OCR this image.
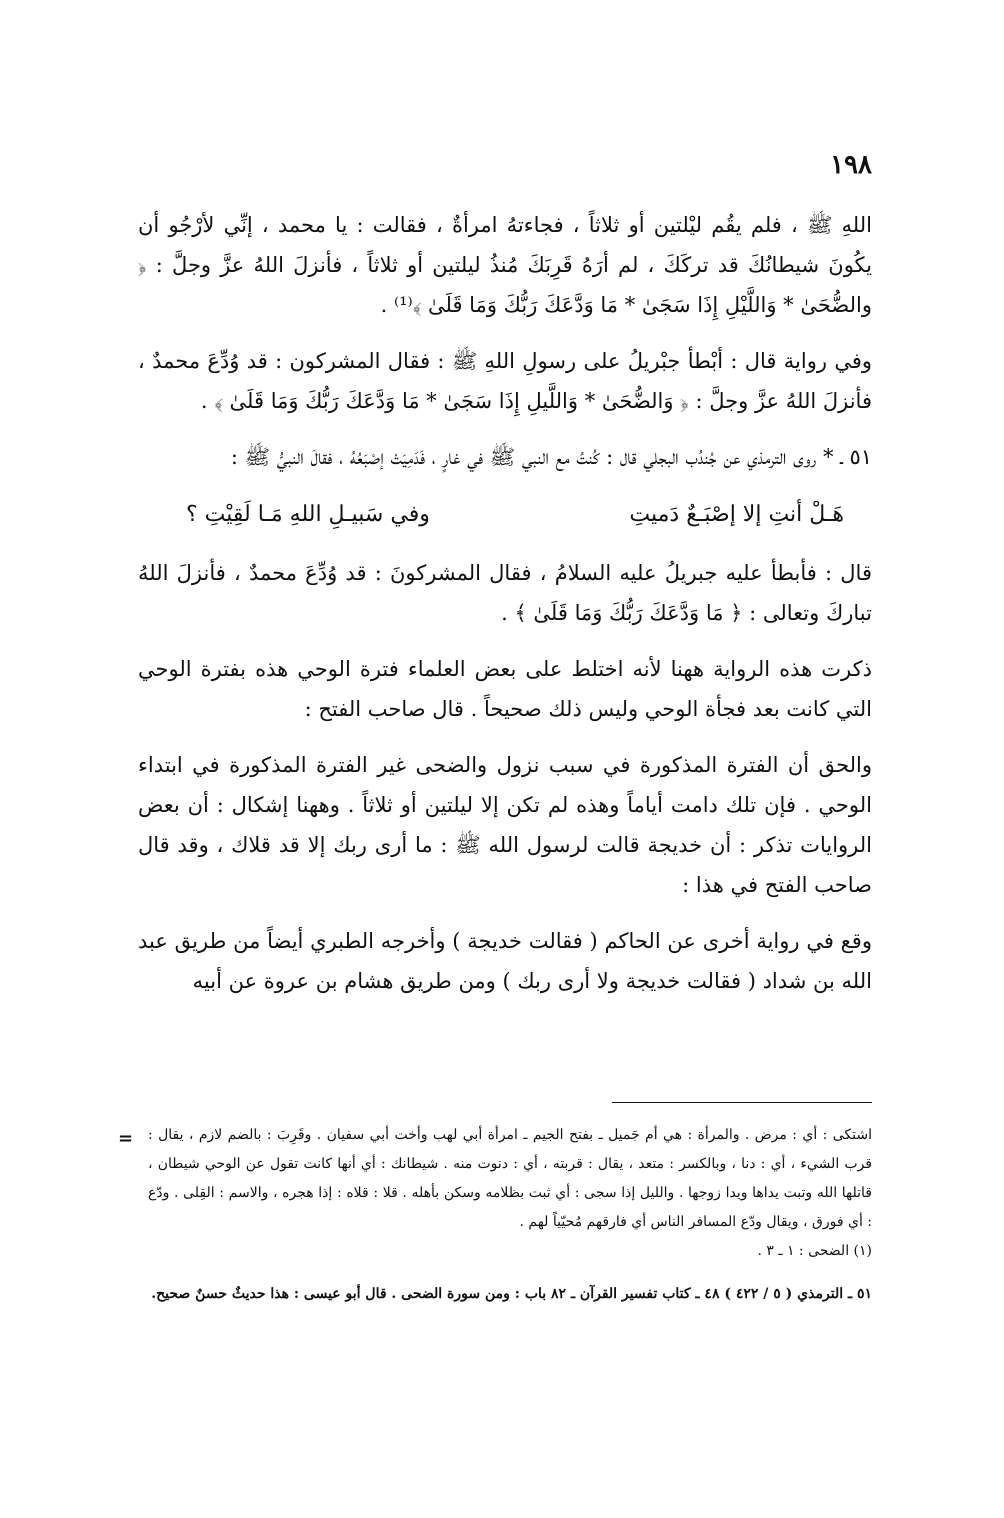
١٩٨

اللهِ ﷺ ، فلم يقُم ليْلتين أو ثلاثاً ، فجاءتهُ امرأةٌ ، فقالت : يا محمد ، إنِّي لأرْجُو أن يكُونَ شيطانُكَ قد تركَكَ ، لم أرَهُ قَرِبَكَ مُنذُ ليلتين أو ثلاثاً ، فأنزلَ اللهُ عزَّ وجلَّ : ﴿ والضُّحَىٰ * وَاللَّيْلِ إِذَا سَجَىٰ * مَا وَدَّعَكَ رَبُّكَ وَمَا قَلَىٰ ﴾⁽¹⁾ .

وفي رواية قال : أبْطأ جبْريلُ على رسولِ اللهِ ﷺ : فقال المشركون : قد وُدِّعَ محمدٌ ، فأنزلَ اللهُ عزَّ وجلَّ : ﴿ وَالضُّحَىٰ * وَاللَّيلِ إِذَا سَجَىٰ * مَا وَدَّعَكَ رَبُّكَ وَمَا قَلَىٰ ﴾ .

٥١ ـ * روى الترمذي عن جُندُب البجلي قال : كُنتُ مع النبي ﷺ في غارٍ ، فَدَمِيَتْ إصْبَعُهُ ، فقالَ النبيُّ ﷺ :

هَـلْ أنتِ إلا إصْبَـعٌ دَميتِ
وفي سَبيـلِ اللهِ مَـا لَقِيْتِ ؟

قال : فأبطأ عليه جبريلُ عليه السلامُ ، فقال المشركونَ : قد وُدِّعَ محمدٌ ، فأنزلَ اللهُ تباركَ وتعالى : ﴿ مَا وَدَّعَكَ رَبُّكَ وَمَا قَلَىٰ ﴾ .

ذكرت هذه الرواية ههنا لأنه اختلط على بعض العلماء فترة الوحي هذه بفترة الوحي التي كانت بعد فجأة الوحي وليس ذلك صحيحاً . قال صاحب الفتح :

والحق أن الفترة المذكورة في سبب نزول والضحى غير الفترة المذكورة في ابتداء الوحي . فإن تلك دامت أياماً وهذه لم تكن إلا ليلتين أو ثلاثاً . وههنا إشكال : أن بعض الروايات تذكر : أن خديجة قالت لرسول الله ﷺ : ما أرى ربك إلا قد قلاك ، وقد قال صاحب الفتح في هذا :

وقع في رواية أخرى عن الحاكم ( فقالت خديجة ) وأخرجه الطبري أيضاً من طريق عبد الله بن شداد ( فقالت خديجة ولا أرى ربك ) ومن طريق هشام بن عروة عن أبيه

= اشتكى : أي : مرض . والمرأة : هي أم جَميل ـ بفتح الجيم ـ امرأة أبي لهب وأخت أبي سفيان . وقَرِبَ : بالضم لازم ، يقال : قرب الشيء ، أي : دنا ، وبالكسر : متعد ، يقال : قربته ، أي : دنوت منه . شيطانك : أي أنها كانت تقول عن الوحي شيطان ، قاتلها الله وتبت يداها ويدا زوجها . والليل إذا سجى : أي ثبت بظلامه وسكن بأهله . قلا : قلاه : إذا هجره ، والاسم : القِلى . ودّع : أي فورق ، ويقال ودّع المسافر الناس أي فارقهم مُحيّياً لهم .

(١) الضحى : ١ ـ ٣ .

٥١ ـ الترمذي ( ٥ / ٤٢٢ ) ٤٨ ـ كتاب تفسير القرآن ـ ٨٢ باب : ومن سورة الضحى . قال أبو عيسى : هذا حديثٌ حسنٌ صحيح.
